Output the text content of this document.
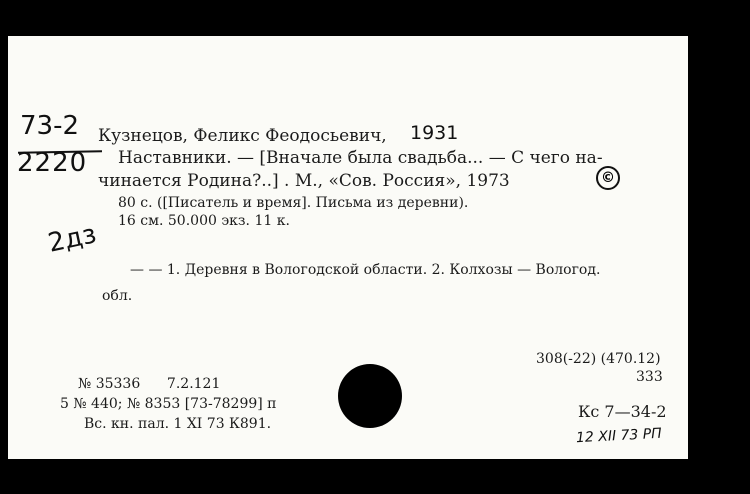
73-2
2220
Кузнецов, Феликс Феодосьевич, 1931
Наставники. — [Вначале была свадьба... — С чего на-
чинается Родина?..] . М., «Сов. Россия», 1973	©
80 с. ([Писатель и время]. Письма из деревни).
16 см. 50.000 экз. 11 к.
2дз
— — 1. Деревня в Вологодской области. 2. Колхозы — Вологод.
обл.
308(-22) (470.12)
333
№ 35336      7.2.121
5 № 440; № 8353 [73-78299] п
Вс. кн. пал. 1 XI 73 К891.
Кс 7—34-2
12 XII 73 РП
